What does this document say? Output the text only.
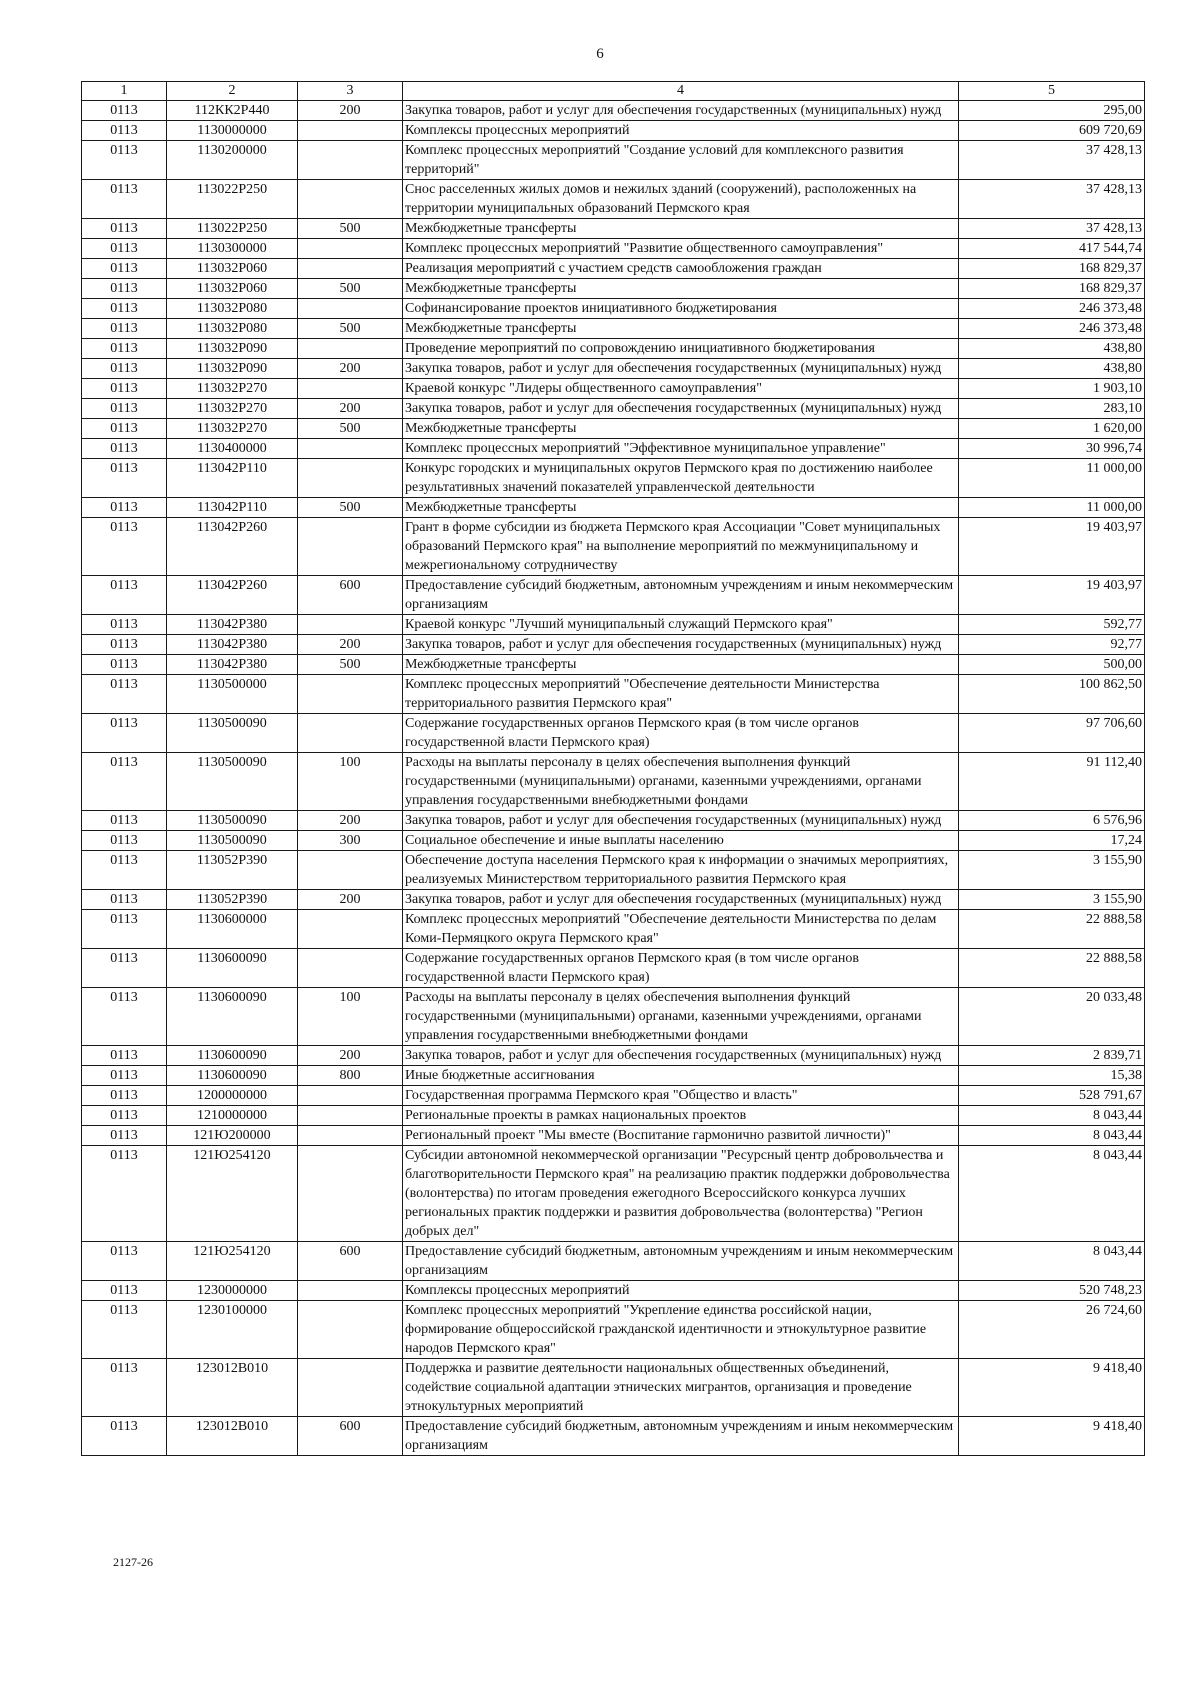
6
1	2	3	4	5
0113	112КК2Р440	200	Закупка товаров, работ и услуг для обеспечения государственных (муниципальных) нужд	295,00
0113	1130000000		Комплексы процессных мероприятий	609 720,69
0113	1130200000		Комплекс процессных мероприятий "Создание условий для комплексного развития территорий"	37 428,13
0113	113022Р250		Снос расселенных жилых домов и нежилых зданий (сооружений), расположенных на территории муниципальных образований Пермского края	37 428,13
0113	113022Р250	500	Межбюджетные трансферты	37 428,13
0113	1130300000		Комплекс процессных мероприятий "Развитие общественного самоуправления"	417 544,74
0113	113032Р060		Реализация мероприятий с участием средств самообложения граждан	168 829,37
0113	113032Р060	500	Межбюджетные трансферты	168 829,37
0113	113032Р080		Софинансирование проектов инициативного бюджетирования	246 373,48
0113	113032Р080	500	Межбюджетные трансферты	246 373,48
0113	113032Р090		Проведение мероприятий по сопровождению инициативного бюджетирования	438,80
0113	113032Р090	200	Закупка товаров, работ и услуг для обеспечения государственных (муниципальных) нужд	438,80
0113	113032Р270		Краевой конкурс "Лидеры общественного самоуправления"	1 903,10
0113	113032Р270	200	Закупка товаров, работ и услуг для обеспечения государственных (муниципальных) нужд	283,10
0113	113032Р270	500	Межбюджетные трансферты	1 620,00
0113	1130400000		Комплекс процессных мероприятий "Эффективное муниципальное управление"	30 996,74
0113	113042Р110		Конкурс городских и муниципальных округов Пермского края по достижению наиболее результативных значений показателей управленческой деятельности	11 000,00
0113	113042Р110	500	Межбюджетные трансферты	11 000,00
0113	113042Р260		Грант в форме субсидии из бюджета Пермского края Ассоциации "Совет муниципальных образований Пермского края" на выполнение мероприятий по межмуниципальному и межрегиональному сотрудничеству	19 403,97
0113	113042Р260	600	Предоставление субсидий бюджетным, автономным учреждениям и иным некоммерческим организациям	19 403,97
0113	113042Р380		Краевой конкурс "Лучший муниципальный служащий Пермского края"	592,77
0113	113042Р380	200	Закупка товаров, работ и услуг для обеспечения государственных (муниципальных) нужд	92,77
0113	113042Р380	500	Межбюджетные трансферты	500,00
0113	1130500000		Комплекс процессных мероприятий "Обеспечение деятельности Министерства территориального развития Пермского края"	100 862,50
0113	1130500090		Содержание государственных органов Пермского края (в том числе органов государственной власти Пермского края)	97 706,60
0113	1130500090	100	Расходы на выплаты персоналу в целях обеспечения выполнения функций государственными (муниципальными) органами, казенными учреждениями, органами управления государственными внебюджетными фондами	91 112,40
0113	1130500090	200	Закупка товаров, работ и услуг для обеспечения государственных (муниципальных) нужд	6 576,96
0113	1130500090	300	Социальное обеспечение и иные выплаты населению	17,24
0113	113052Р390		Обеспечение доступа населения Пермского края к информации о значимых мероприятиях, реализуемых Министерством территориального развития Пермского края	3 155,90
0113	113052Р390	200	Закупка товаров, работ и услуг для обеспечения государственных (муниципальных) нужд	3 155,90
0113	1130600000		Комплекс процессных мероприятий "Обеспечение деятельности Министерства по делам Коми-Пермяцкого округа Пермского края"	22 888,58
0113	1130600090		Содержание государственных органов Пермского края (в том числе органов государственной власти Пермского края)	22 888,58
0113	1130600090	100	Расходы на выплаты персоналу в целях обеспечения выполнения функций государственными (муниципальными) органами, казенными учреждениями, органами управления государственными внебюджетными фондами	20 033,48
0113	1130600090	200	Закупка товаров, работ и услуг для обеспечения государственных (муниципальных) нужд	2 839,71
0113	1130600090	800	Иные бюджетные ассигнования	15,38
0113	1200000000		Государственная программа Пермского края "Общество и власть"	528 791,67
0113	1210000000		Региональные проекты в рамках национальных проектов	8 043,44
0113	121Ю200000		Региональный проект "Мы вместе (Воспитание гармонично развитой личности)"	8 043,44
0113	121Ю254120		Субсидии автономной некоммерческой организации "Ресурсный центр добровольчества и благотворительности Пермского края" на реализацию практик поддержки добровольчества (волонтерства) по итогам проведения ежегодного Всероссийского конкурса лучших региональных практик поддержки и развития добровольчества (волонтерства) "Регион добрых дел"	8 043,44
0113	121Ю254120	600	Предоставление субсидий бюджетным, автономным учреждениям и иным некоммерческим организациям	8 043,44
0113	1230000000		Комплексы процессных мероприятий	520 748,23
0113	1230100000		Комплекс процессных мероприятий "Укрепление единства российской нации, формирование общероссийской гражданской идентичности и этнокультурное развитие народов Пермского края"	26 724,60
0113	123012В010		Поддержка и развитие деятельности национальных общественных объединений, содействие социальной адаптации этнических мигрантов, организация и проведение этнокультурных мероприятий	9 418,40
0113	123012В010	600	Предоставление субсидий бюджетным, автономным учреждениям и иным некоммерческим организациям	9 418,40
2127-26
